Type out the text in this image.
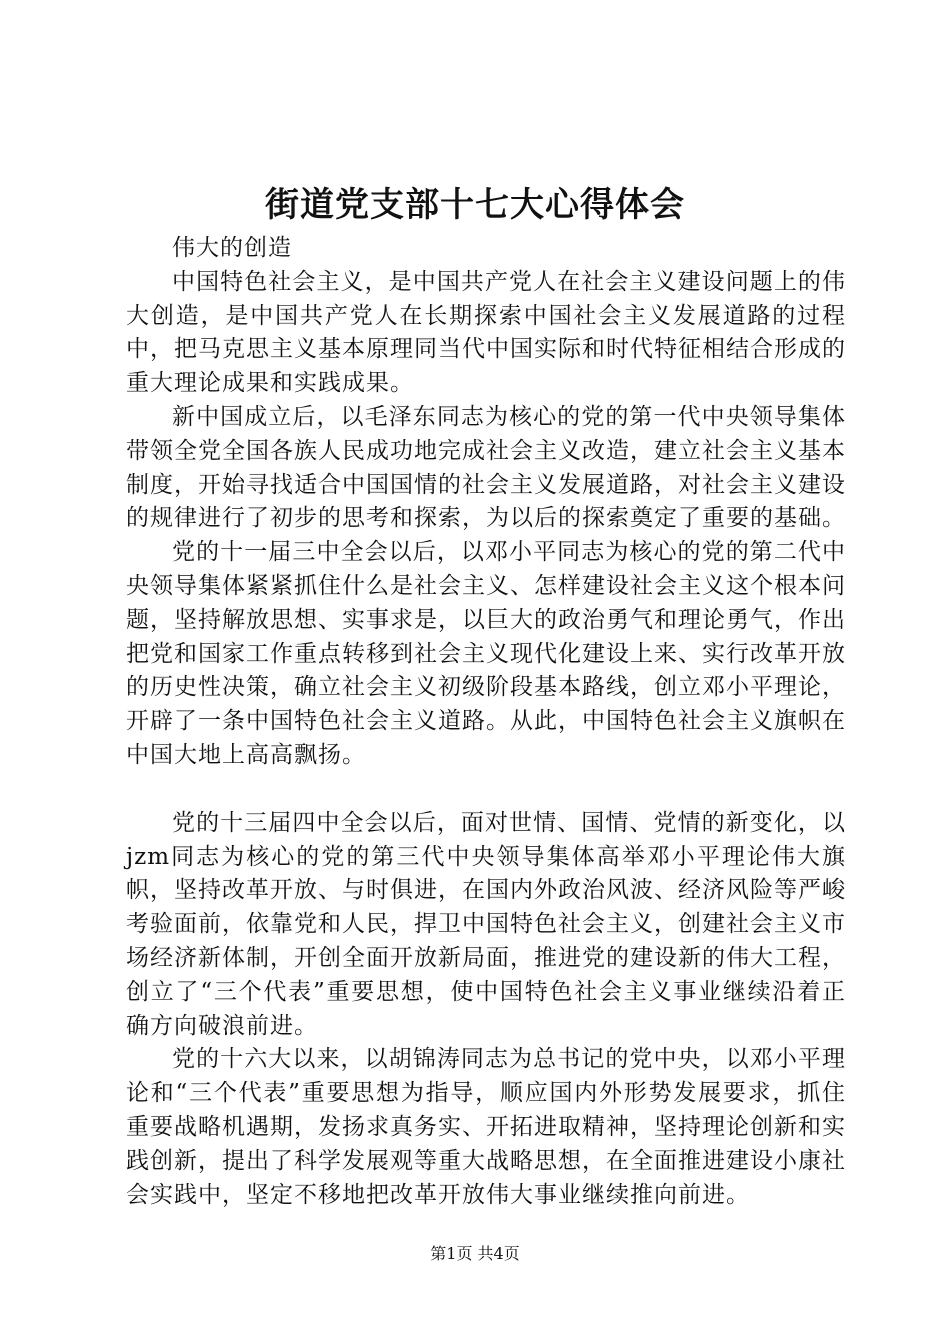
街道党支部十七大心得体会

伟大的创造

中国特色社会主义，是中国共产党人在社会主义建设问题上的伟大创造，是中国共产党人在长期探索中国社会主义发展道路的过程中，把马克思主义基本原理同当代中国实际和时代特征相结合形成的重大理论成果和实践成果。

新中国成立后，以毛泽东同志为核心的党的第一代中央领导集体带领全党全国各族人民成功地完成社会主义改造，建立社会主义基本制度，开始寻找适合中国国情的社会主义发展道路，对社会主义建设的规律进行了初步的思考和探索，为以后的探索奠定了重要的基础。

党的十一届三中全会以后，以邓小平同志为核心的党的第二代中央领导集体紧紧抓住什么是社会主义、怎样建设社会主义这个根本问题，坚持解放思想、实事求是，以巨大的政治勇气和理论勇气，作出把党和国家工作重点转移到社会主义现代化建设上来、实行改革开放的历史性决策，确立社会主义初级阶段基本路线，创立邓小平理论，开辟了一条中国特色社会主义道路。从此，中国特色社会主义旗帜在中国大地上高高飘扬。

党的十三届四中全会以后，面对世情、国情、党情的新变化，以jzm同志为核心的党的第三代中央领导集体高举邓小平理论伟大旗帜，坚持改革开放、与时俱进，在国内外政治风波、经济风险等严峻考验面前，依靠党和人民，捍卫中国特色社会主义，创建社会主义市场经济新体制，开创全面开放新局面，推进党的建设新的伟大工程，创立了“三个代表”重要思想，使中国特色社会主义事业继续沿着正确方向破浪前进。

党的十六大以来，以胡锦涛同志为总书记的党中央，以邓小平理论和“三个代表”重要思想为指导，顺应国内外形势发展要求，抓住重要战略机遇期，发扬求真务实、开拓进取精神，坚持理论创新和实践创新，提出了科学发展观等重大战略思想，在全面推进建设小康社会实践中，坚定不移地把改革开放伟大事业继续推向前进。

第1页 共4页
